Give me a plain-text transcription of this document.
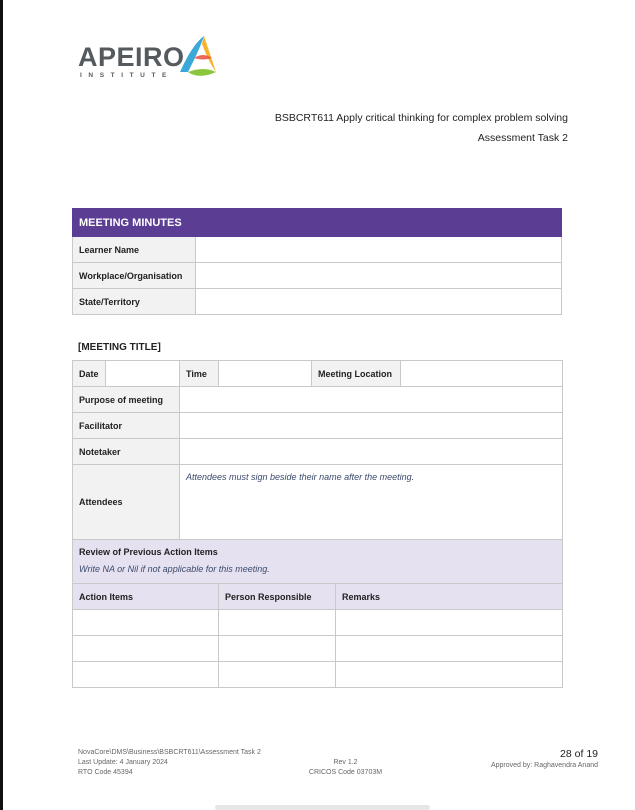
APEIRO
INSTITUTE
BSBCRT611 Apply critical thinking for complex problem solving
Assessment Task 2
MEETING MINUTES	
Learner Name	
Workplace/Organisation	
State/Territory	
[MEETING TITLE]
Date		Time		Meeting Location		
Purpose of meeting						
Facilitator						
Notetaker						
Attendees		Attendees must sign beside their name after the meeting.				

Review of Previous Action Items
Write NA or Nil if not applicable for this meeting.						

Action Items			Person Responsible		Remarks	

NovaCore\DMS\Business\BSBCRT611\Assessment Task 2
Last Update: 4 January 2024
RTO Code 45394
Rev 1.2
CRICOS Code 03703M
28 of 19
Approved by: Raghavendra Anand
